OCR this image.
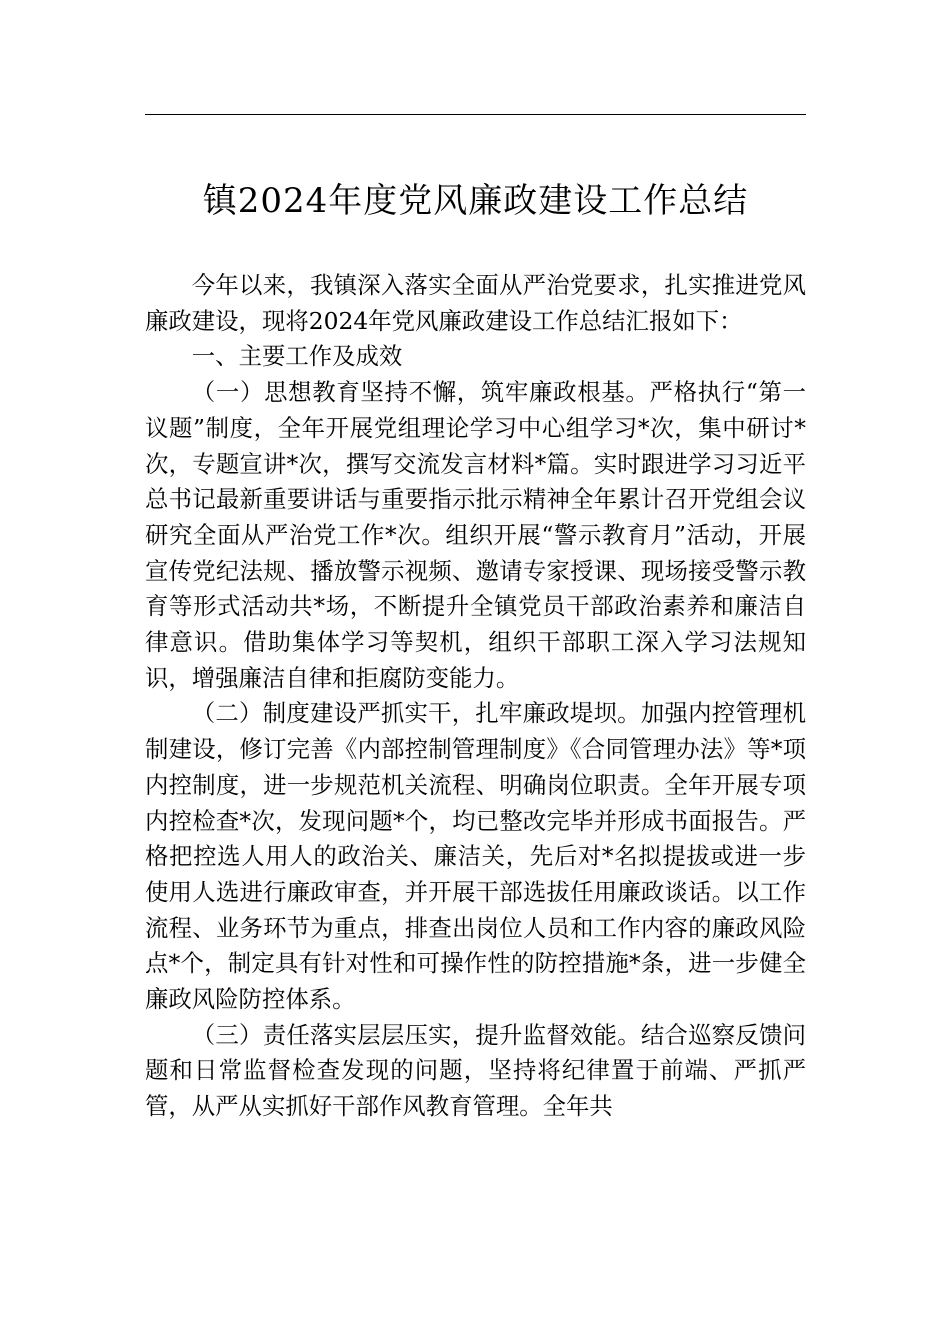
镇2024年度党风廉政建设工作总结

今年以来，我镇深入落实全面从严治党要求，扎实推进党风廉政建设，现将2024年党风廉政建设工作总结汇报如下：

一、主要工作及成效

（一）思想教育坚持不懈，筑牢廉政根基。严格执行“第一议题”制度，全年开展党组理论学习中心组学习*次，集中研讨*次，专题宣讲*次，撰写交流发言材料*篇。实时跟进学习习近平总书记最新重要讲话与重要指示批示精神全年累计召开党组会议研究全面从严治党工作*次。组织开展“警示教育月”活动，开展宣传党纪法规、播放警示视频、邀请专家授课、现场接受警示教育等形式活动共*场，不断提升全镇党员干部政治素养和廉洁自律意识。借助集体学习等契机，组织干部职工深入学习法规知识，增强廉洁自律和拒腐防变能力。

（二）制度建设严抓实干，扎牢廉政堤坝。加强内控管理机制建设，修订完善《内部控制管理制度》《合同管理办法》等*项内控制度，进一步规范机关流程、明确岗位职责。全年开展专项内控检查*次，发现问题*个，均已整改完毕并形成书面报告。严格把控选人用人的政治关、廉洁关，先后对*名拟提拔或进一步使用人选进行廉政审查，并开展干部选拔任用廉政谈话。以工作流程、业务环节为重点，排查出岗位人员和工作内容的廉政风险点*个，制定具有针对性和可操作性的防控措施*条，进一步健全廉政风险防控体系。

（三）责任落实层层压实，提升监督效能。结合巡察反馈问题和日常监督检查发现的问题，坚持将纪律置于前端、严抓严管，从严从实抓好干部作风教育管理。全年共
